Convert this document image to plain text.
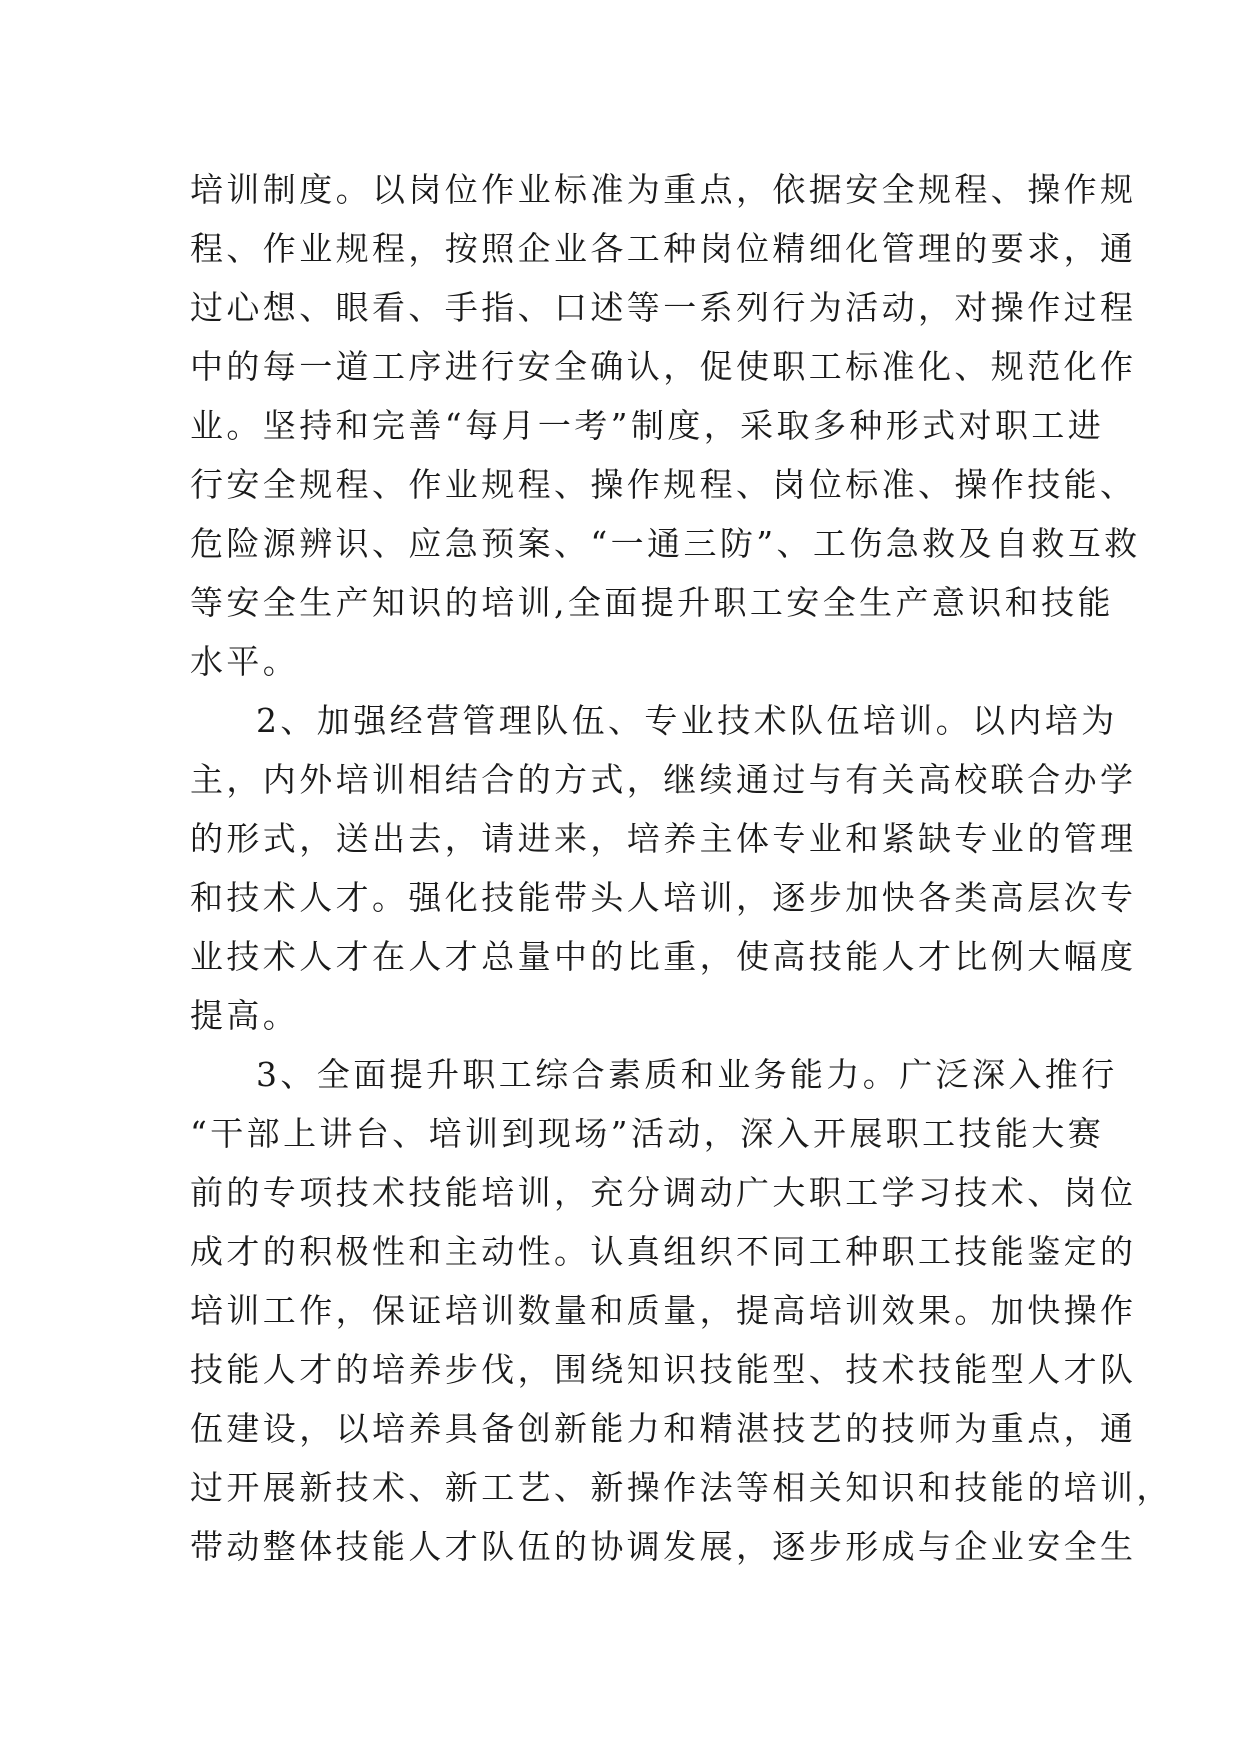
培训制度。以岗位作业标准为重点，依据安全规程、操作规
程、作业规程，按照企业各工种岗位精细化管理的要求，通
过心想、眼看、手指、口述等一系列行为活动，对操作过程
中的每一道工序进行安全确认，促使职工标准化、规范化作
业。坚持和完善“每月一考”制度，采取多种形式对职工进
行安全规程、作业规程、操作规程、岗位标准、操作技能、
危险源辨识、应急预案、“一通三防”、工伤急救及自救互救
等安全生产知识的培训,全面提升职工安全生产意识和技能
水平。
2、加强经营管理队伍、专业技术队伍培训。以内培为
主，内外培训相结合的方式，继续通过与有关高校联合办学
的形式，送出去，请进来，培养主体专业和紧缺专业的管理
和技术人才。强化技能带头人培训，逐步加快各类高层次专
业技术人才在人才总量中的比重，使高技能人才比例大幅度
提高。
3、全面提升职工综合素质和业务能力。广泛深入推行
“干部上讲台、培训到现场”活动，深入开展职工技能大赛
前的专项技术技能培训，充分调动广大职工学习技术、岗位
成才的积极性和主动性。认真组织不同工种职工技能鉴定的
培训工作，保证培训数量和质量，提高培训效果。加快操作
技能人才的培养步伐，围绕知识技能型、技术技能型人才队
伍建设，以培养具备创新能力和精湛技艺的技师为重点，通
过开展新技术、新工艺、新操作法等相关知识和技能的培训，
带动整体技能人才队伍的协调发展，逐步形成与企业安全生
